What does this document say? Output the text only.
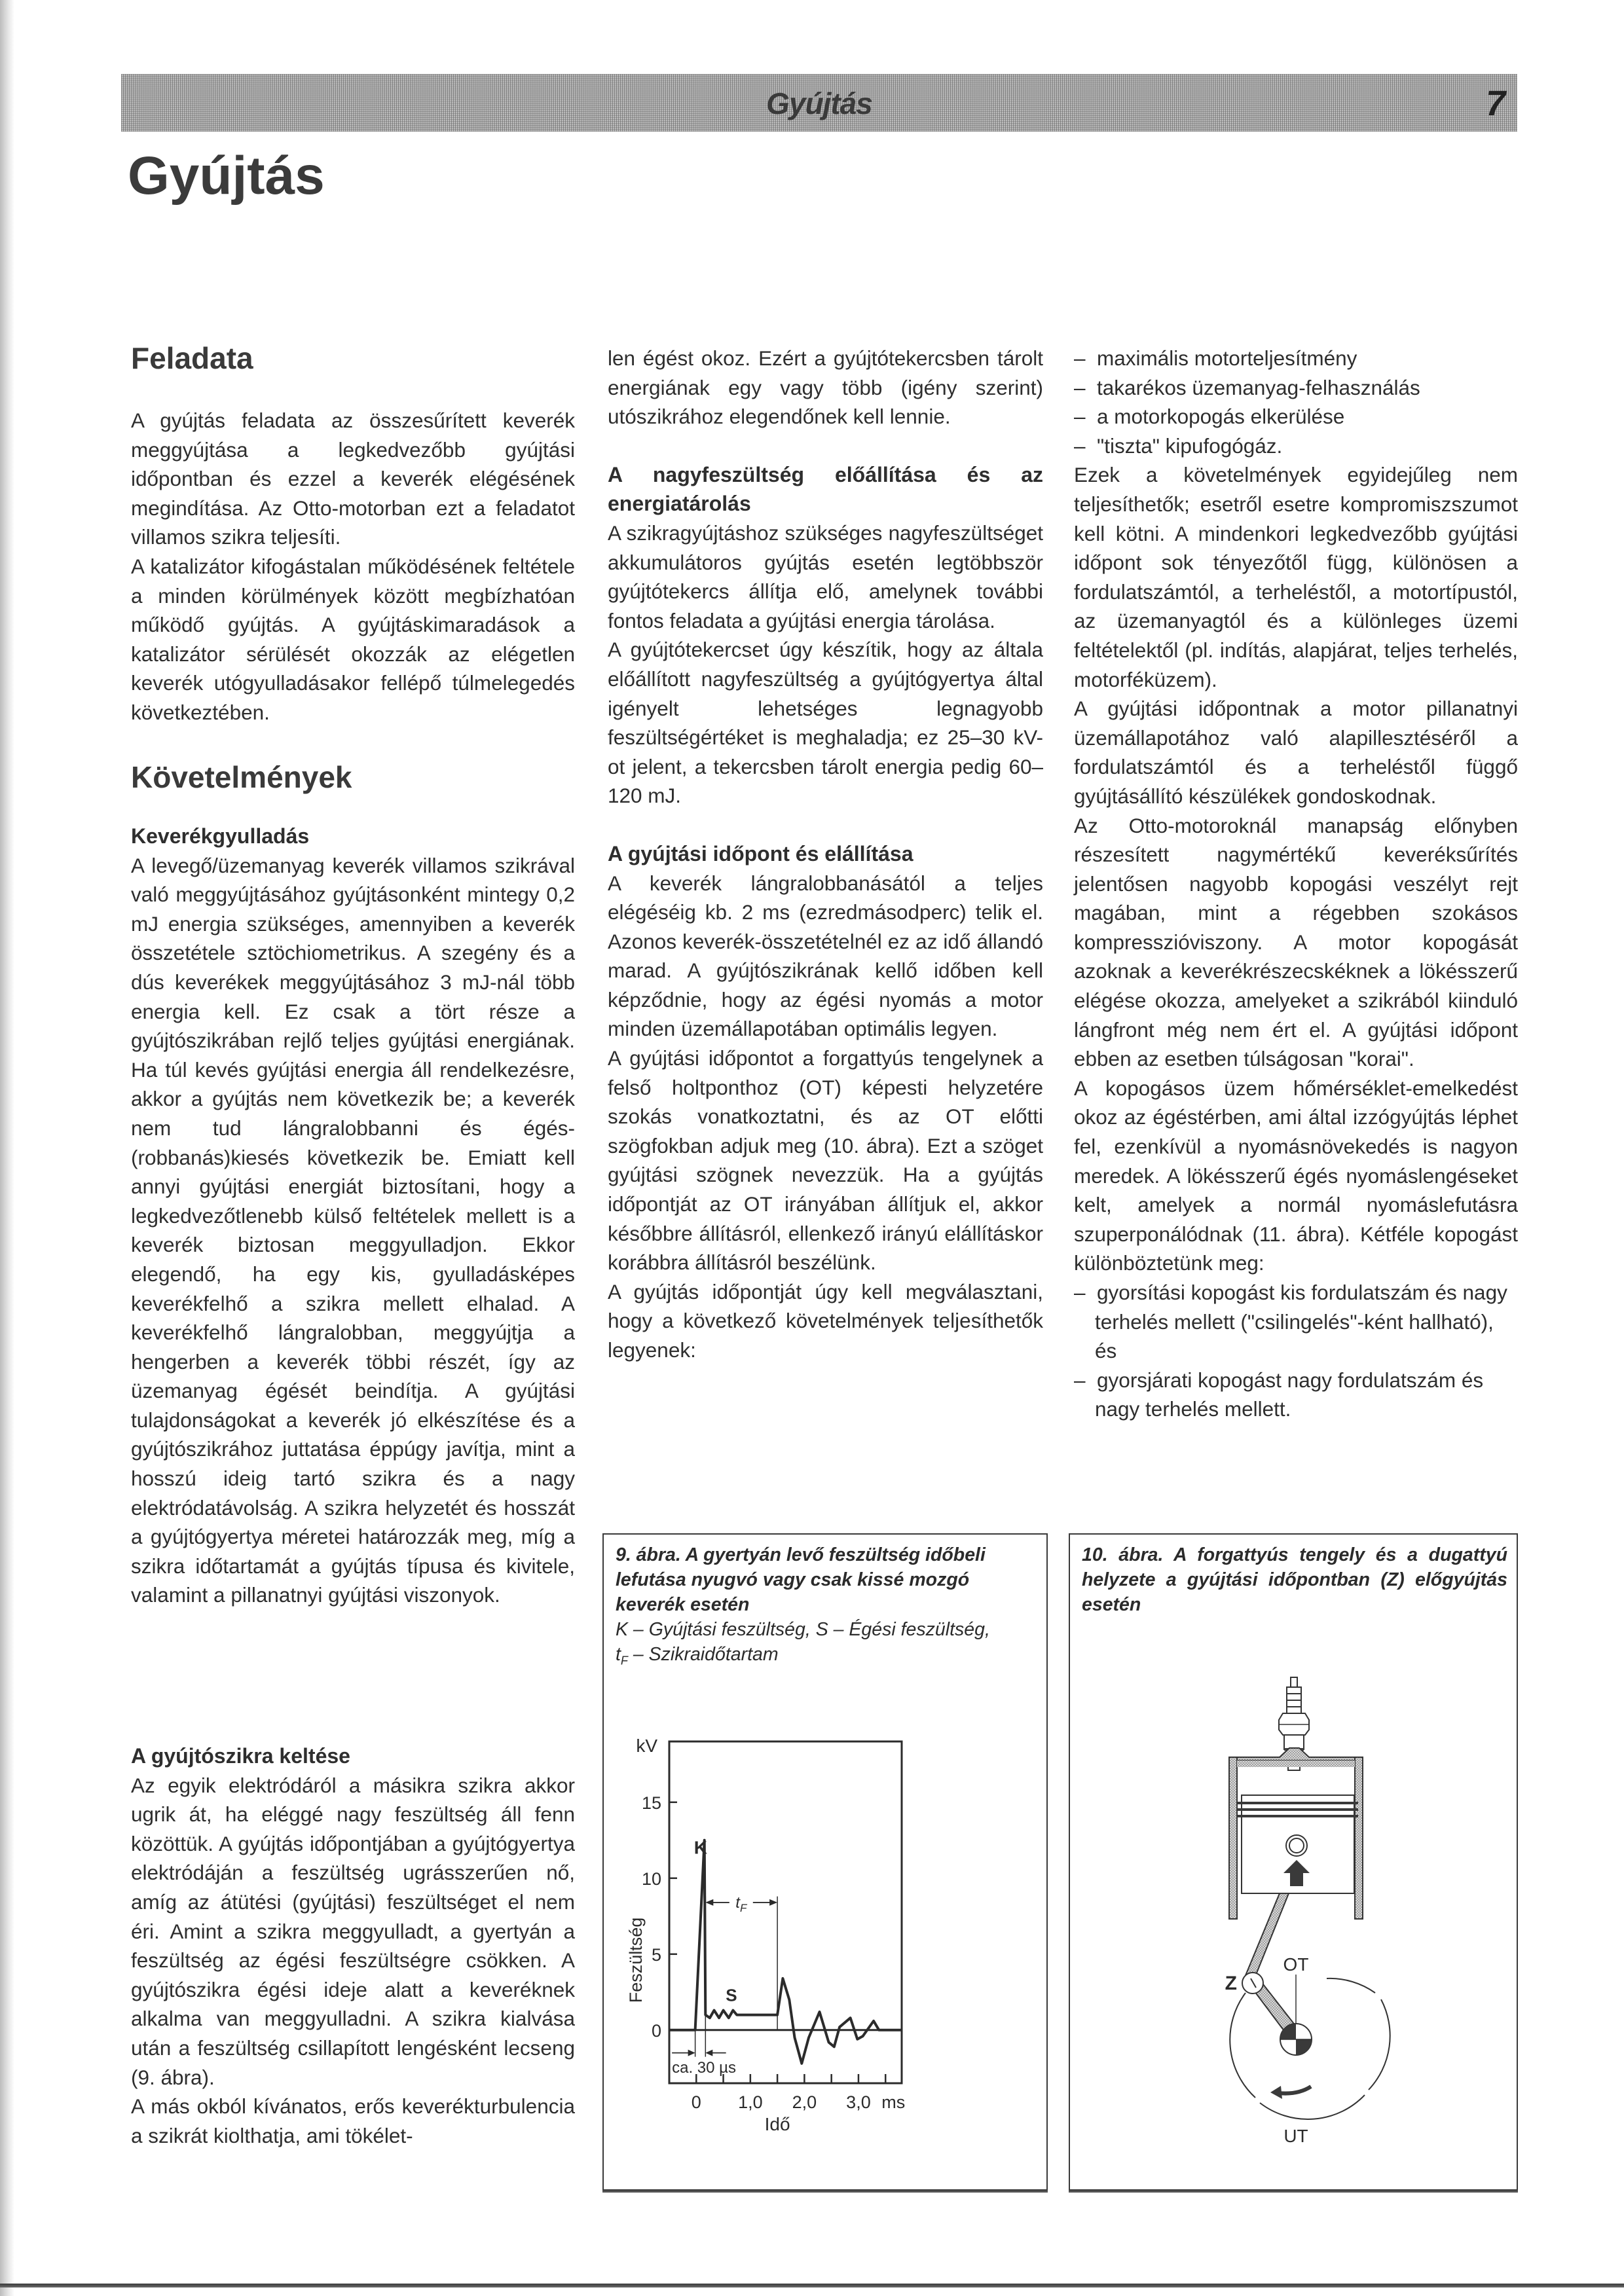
Gyújtás	7
Gyújtás
Feladata

A gyújtás feladata az összesűrített keverék meggyújtása a legkedvezőbb gyújtási időpontban és ezzel a keverék elégésének megindítása. Az Otto-motorban ezt a feladatot villamos szikra teljesíti.

A katalizátor kifogástalan működésének feltétele a minden körülmények között megbízhatóan működő gyújtás. A gyújtáskimaradások a katalizátor sérülését okozzák az elégetlen keverék utógyulladásakor fellépő túlmelegedés következtében.

Követelmények

Keverékgyulladás

A levegő/üzemanyag keverék villamos szikrával való meggyújtásához gyújtásonként mintegy 0,2 mJ energia szükséges, amennyiben a keverék összetétele sztöchiometrikus. A szegény és a dús keverékek meggyújtásához 3 mJ-nál több energia kell. Ez csak a tört része a gyújtószikrában rejlő teljes gyújtási energiának. Ha túl kevés gyújtási energia áll rendelkezésre, akkor a gyújtás nem következik be; a keverék nem tud lángralobbanni és égés- (robbanás)kiesés következik be. Emiatt kell annyi gyújtási energiát biztosítani, hogy a legkedvezőtlenebb külső feltételek mellett is a keverék biztosan meggyulladjon. Ekkor elegendő, ha egy kis, gyulladásképes keverékfelhő a szikra mellett elhalad. A keverékfelhő lángralobban, meggyújtja a hengerben a keverék többi részét, így az üzemanyag égését beindítja. A gyújtási tulajdonságokat a keverék jó elkészítése és a gyújtószikrához juttatása éppúgy javítja, mint a hosszú ideig tartó szikra és a nagy elektródatávolság. A szikra helyzetét és hosszát a gyújtógyertya méretei határozzák meg, míg a szikra időtartamát a gyújtás típusa és kivitele, valamint a pillanatnyi gyújtási viszonyok.

A gyújtószikra keltése

Az egyik elektródáról a másikra szikra akkor ugrik át, ha eléggé nagy feszültség áll fenn közöttük. A gyújtás időpontjában a gyújtógyertya elektródáján a feszültség ugrásszerűen nő, amíg az átütési (gyújtási) feszültséget el nem éri. Amint a szikra meggyulladt, a gyertyán a feszültség az égési feszültségre csökken. A gyújtószikra égési ideje alatt a keveréknek alkalma van meggyulladni. A szikra kialvása után a feszültség csillapított lengésként lecseng (9. ábra).

A más okból kívánatos, erős keverékturbulencia a szikrát kiolthatja, ami tökélet-

len égést okoz. Ezért a gyújtótekercsben tárolt energiának egy vagy több (igény szerint) utószikrához elegendőnek kell lennie.

A nagyfeszültség előállítása és az energiatárolás

A szikragyújtáshoz szükséges nagyfeszültséget akkumulátoros gyújtás esetén legtöbbször gyújtótekercs állítja elő, amelynek további fontos feladata a gyújtási energia tárolása.

A gyújtótekercset úgy készítik, hogy az általa előállított nagyfeszültség a gyújtógyertya által igényelt lehetséges legnagyobb feszültségértéket is meghaladja; ez 25–30 kV-ot jelent, a tekercsben tárolt energia pedig 60–120 mJ.

A gyújtási időpont és elállítása

A keverék lángralobbanásától a teljes elégéséig kb. 2 ms (ezredmásodperc) telik el. Azonos keverék-összetételnél ez az idő állandó marad. A gyújtószikrának kellő időben kell képződnie, hogy az égési nyomás a motor minden üzemállapotában optimális legyen.

A gyújtási időpontot a forgattyús tengelynek a felső holtponthoz (OT) képesti helyzetére szokás vonatkoztatni, és az OT előtti szögfokban adjuk meg (10. ábra). Ezt a szöget gyújtási szögnek nevezzük. Ha a gyújtás időpontját az OT irányában állítjuk el, akkor későbbre állításról, ellenkező irányú elállításkor korábbra állításról beszélünk.

A gyújtás időpontját úgy kell megválasztani, hogy a következő követelmények teljesíthetők legyenek:

–  maximális motorteljesítmény

–  takarékos üzemanyag-felhasználás

–  a motorkopogás elkerülése

–  "tiszta" kipufogógáz.

Ezek a követelmények egyidejűleg nem teljesíthetők; esetről esetre kompromiszszumot kell kötni. A mindenkori legkedvezőbb gyújtási időpont sok tényezőtől függ, különösen a fordulatszámtól, a terheléstől, a motortípustól, az üzemanyagtól és a különleges üzemi feltételektől (pl. indítás, alapjárat, teljes terhelés, motorféküzem).

A gyújtási időpontnak a motor pillanatnyi üzemállapotához való alapillesztéséről a fordulatszámtól és a terheléstől függő gyújtásállító készülékek gondoskodnak.

Az Otto-motoroknál manapság előnyben részesített nagymértékű keveréksűrítés jelentősen nagyobb kopogási veszélyt rejt magában, mint a régebben szokásos kompresszióviszony. A motor kopogását azoknak a keverékrészecskéknek a lökésszerű elégése okozza, amelyeket a szikrából kiinduló lángfront még nem ért el. A gyújtási időpont ebben az esetben túlságosan "korai".

A kopogásos üzem hőmérséklet-emelkedést okoz az égéstérben, ami által izzógyújtás léphet fel, ezenkívül a nyomásnövekedés is nagyon meredek. A lökésszerű égés nyomáslengéseket kelt, amelyek a normál nyomáslefutásra szuperponálódnak (11. ábra). Kétféle kopogást különböztetünk meg:

–  gyorsítási kopogást kis fordulatszám és nagy terhelés mellett ("csilingelés"-ként hallható), és

–  gyorsjárati kopogást nagy fordulatszám és nagy terhelés mellett.

9. ábra. A gyertyán levő feszültség időbeli lefutása nyugvó vagy csak kissé mozgó keverék esetén
K – Gyújtási feszültség, S – Égési feszültség,
$t_F$ – Szikraidőtartam
kV
Feszültség
0
5
10
15
0 1,0 2,0 3,0
K
S
$t_F$
ca. 30 µs
ms
Idő
10. ábra. A forgattyús tengely és a dugattyú helyzete a gyújtási időpontban (Z) előgyújtás esetén
Z
OT
UT
